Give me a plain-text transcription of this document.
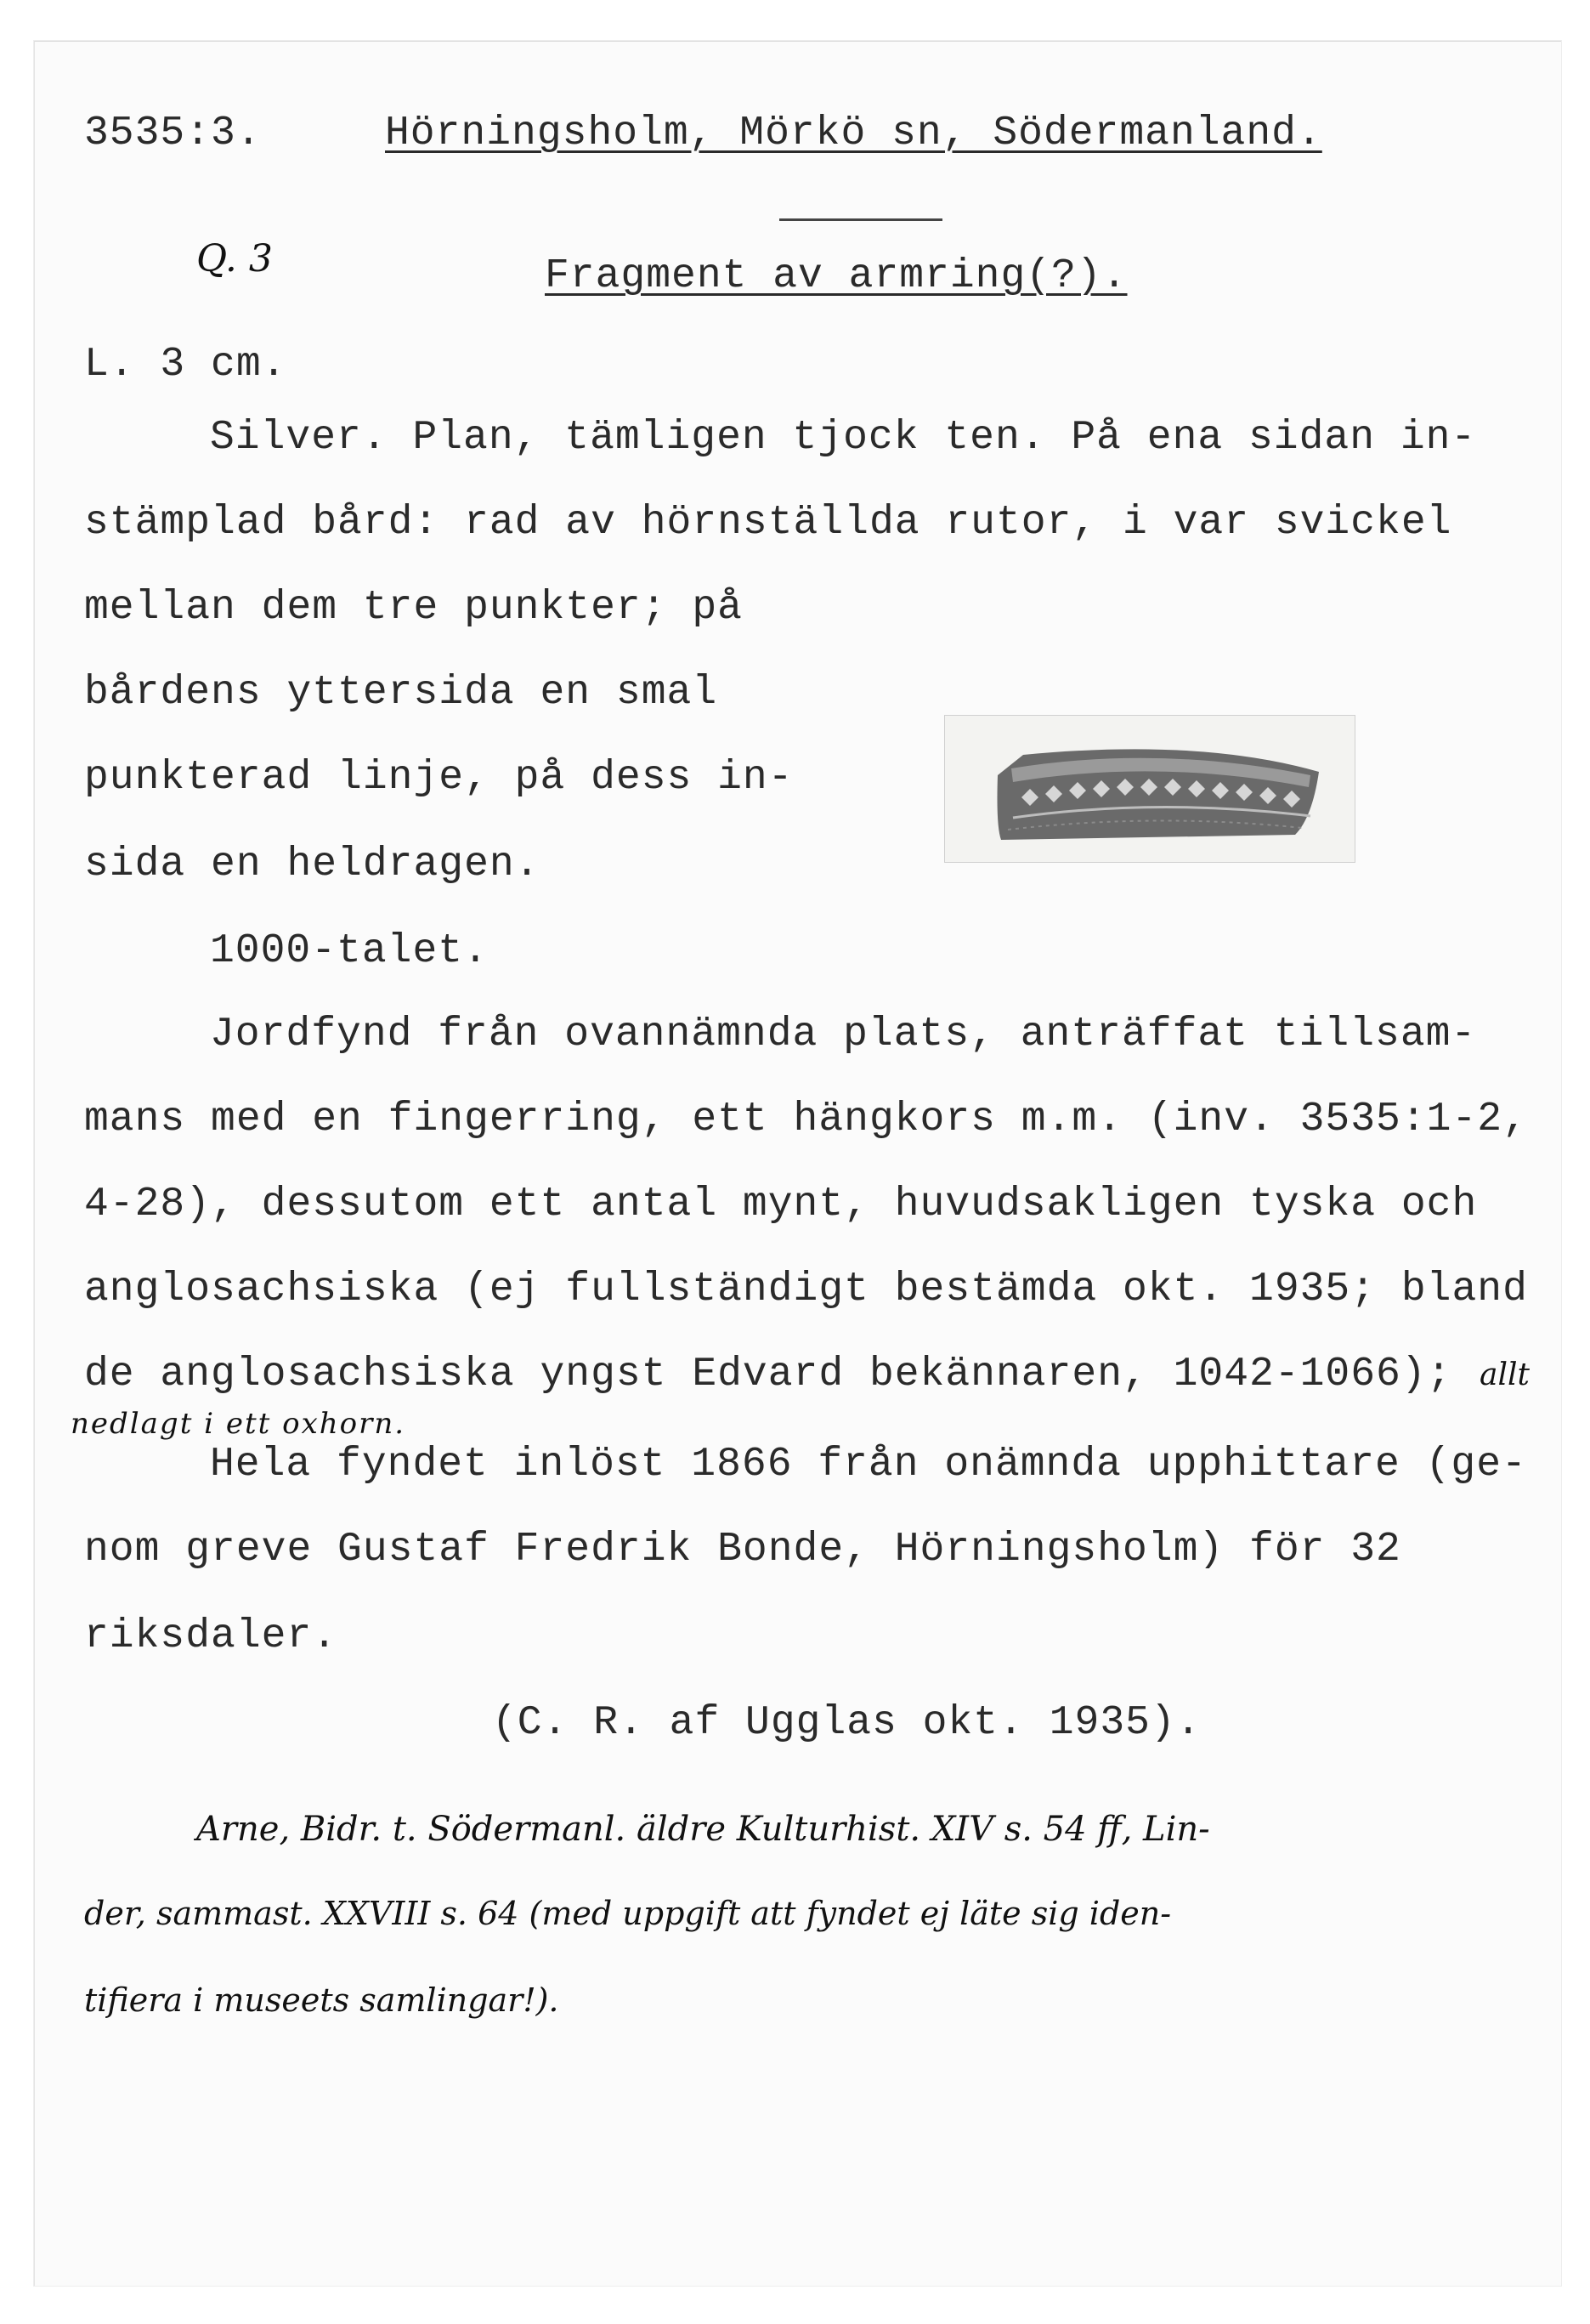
3535:3.	Hörningsholm, Mörkö sn, Södermanland.
Q. 3	Fragment av armring(?).
L. 3 cm.
Silver. Plan, tämligen tjock ten. På ena sidan in-
stämplad bård: rad av hörnställda rutor, i var svickel
mellan dem tre punkter; på
bårdens yttersida en smal
punkterad linje, på dess in-
sida en heldragen.
1000-talet.
Jordfynd från ovannämnda plats, anträffat tillsam-
mans med en fingerring, ett hängkors m.m. (inv. 3535:1-2,
4-28), dessutom ett antal mynt, huvudsakligen tyska och
anglosachsiska (ej fullständigt bestämda okt. 1935; bland
de anglosachsiska yngst Edvard bekännaren, 1042-1066); allt
nedlagt i ett oxhorn.
Hela fyndet inlöst 1866 från onämnda upphittare (ge-
nom greve Gustaf Fredrik Bonde, Hörningsholm) för 32
riksdaler.
(C. R. af Ugglas okt. 1935).
Arne, Bidr. t. Södermanl. äldre Kulturhist. XIV s. 54 ff, Lin-
der, sammast. XXVIII s. 64 (med uppgift att fyndet ej läte sig iden-
tifiera i museets samlingar!).
